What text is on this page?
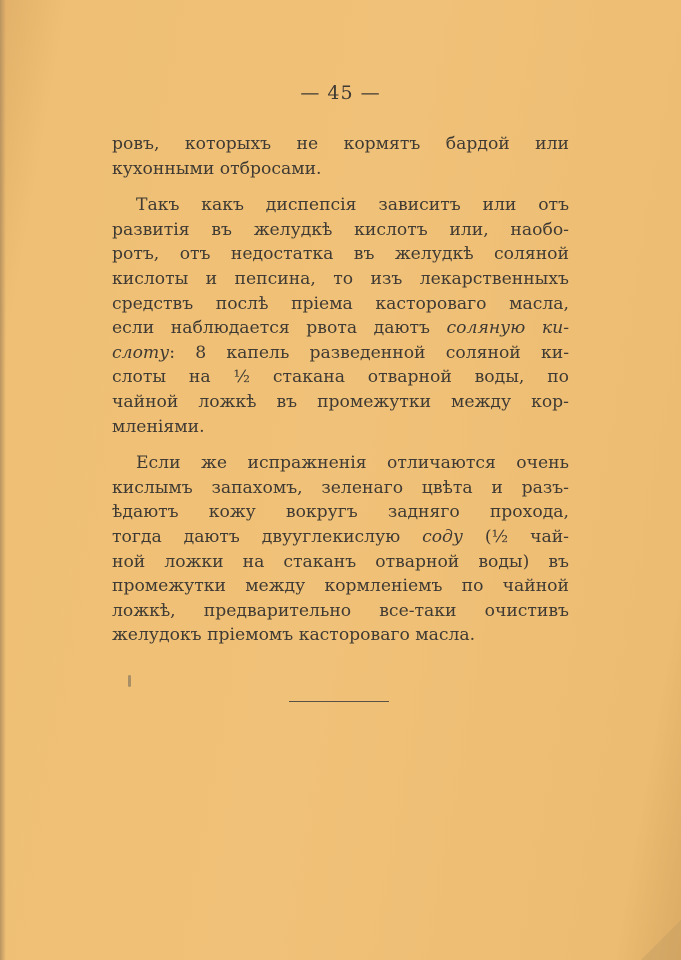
— 45 —
ровъ, которыхъ не кормятъ бардой или
кухонными отбросами.
Такъ какъ диспепсія зависитъ или отъ
развитія въ желудкѣ кислотъ или, наобо-
ротъ, отъ недостатка въ желудкѣ соляной
кислоты и пепсина, то изъ лекарственныхъ
средствъ послѣ пріема касторовагo масла,
если наблюдается рвота даютъ соляную ки-
слоту: 8 капель разведенной соляной ки-
слоты на ½ стакана отварной воды, по
чайной ложкѣ въ промежутки между кор-
мленіями.
Если же испражненія отличаются очень
кислымъ запахомъ, зеленаго цвѣта и разъ-
ѣдаютъ кожу вокругъ задняго прохода,
тогда даютъ двууглекислую соду (½ чай-
ной ложки на стаканъ отварной воды) въ
промежутки между кормленіемъ по чайной
ложкѣ, предварительно все-таки очистивъ
желудокъ пріемомъ касторовагo масла.
